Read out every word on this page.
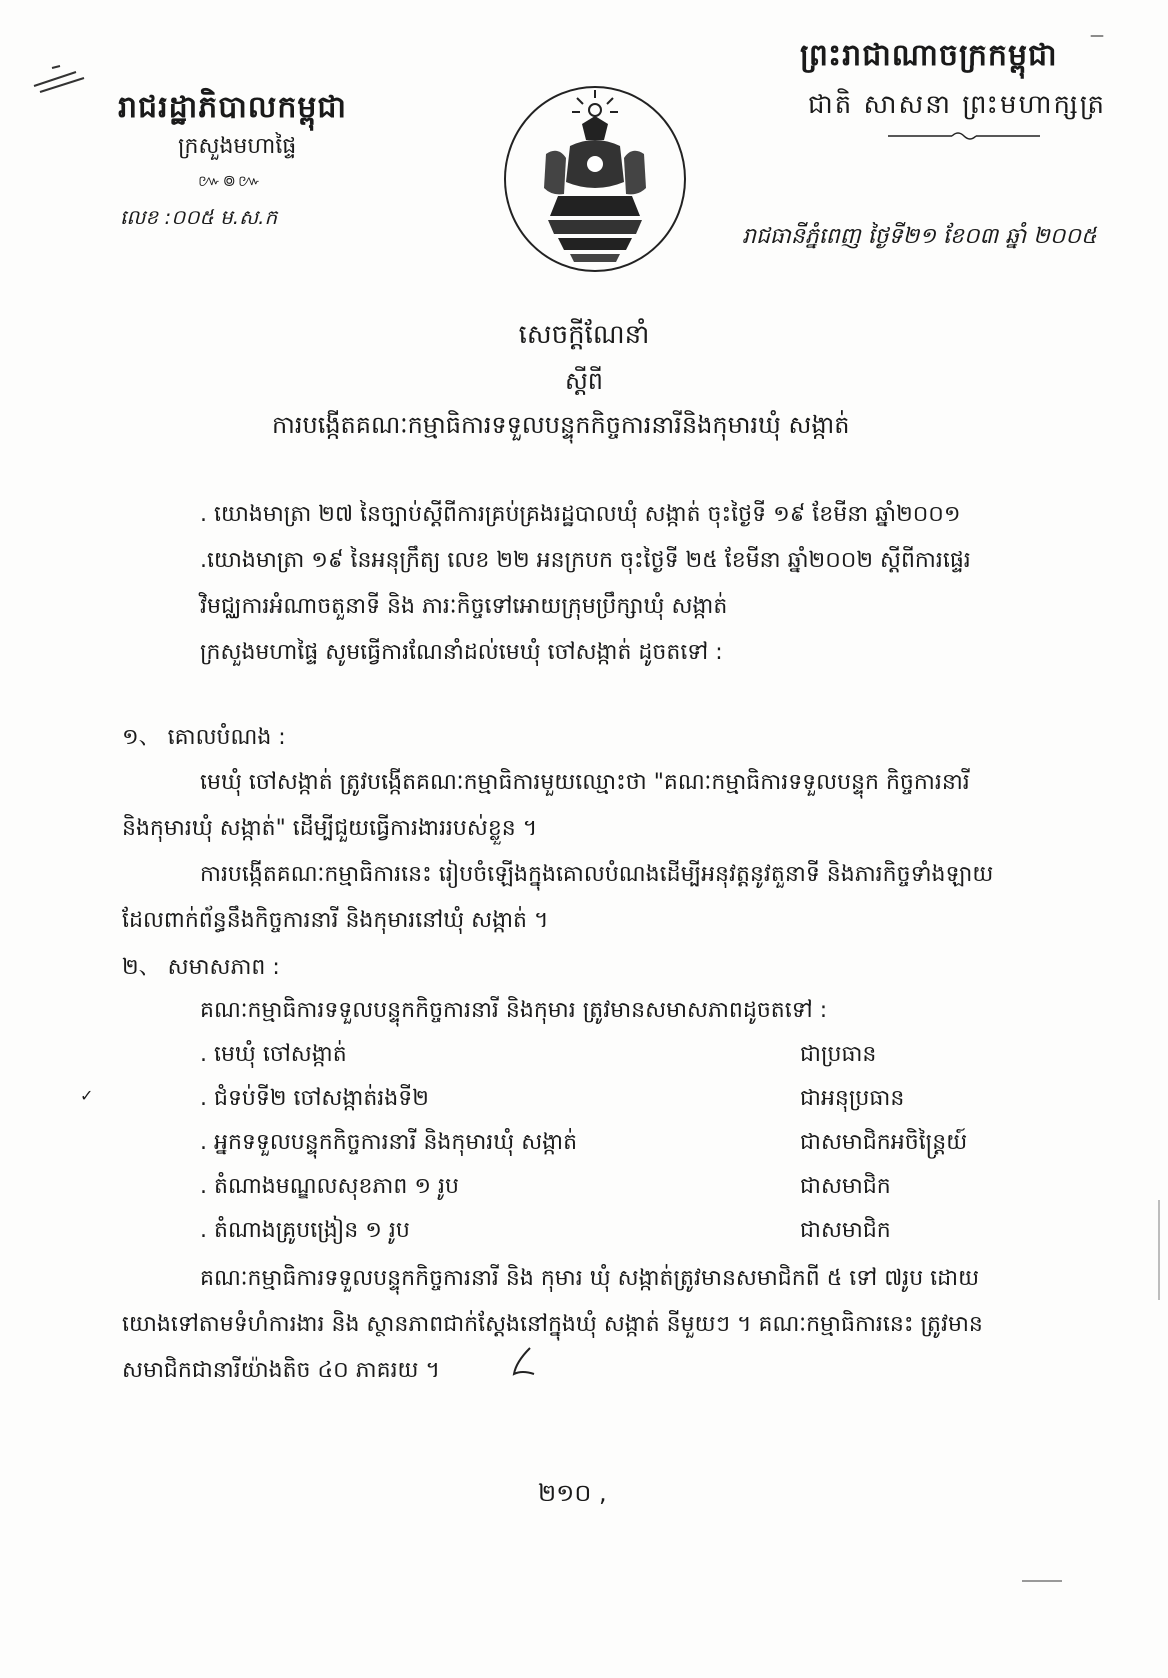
រាជរដ្ឋាភិបាលកម្ពុជា
ក្រសួងមហាផ្ទៃ
៚៙៚
លេខ :០០៥ ម.ស.ក
—
ព្រះរាជាណាចក្រកម្ពុជា
ជាតិ សាសនា ព្រះមហាក្សត្រ
រាជធានីភ្នំពេញ ថ្ងៃទី២១ ខែ០៣ ឆ្នាំ ២០០៥
សេចក្ដីណែនាំ
ស្ដីពី
ការបង្កើតគណៈកម្មាធិការទទួលបន្ទុកកិច្ចការនារីនិងកុមារឃុំ សង្កាត់
. យោងមាត្រា ២៧ នៃច្បាប់ស្ដីពីការគ្រប់គ្រងរដ្ឋបាលឃុំ សង្កាត់ ចុះថ្ងៃទី ១៩ ខែមីនា ឆ្នាំ២០០១
.យោងមាត្រា ១៩ នៃអនុក្រឹត្យ លេខ ២២ អនក្របក ចុះថ្ងៃទី ២៥ ខែមីនា ឆ្នាំ២០០២ ស្ដីពីការផ្ទេរ
វិមជ្ឈការអំណាចតួនាទី និង ភារៈកិច្ចទៅអោយក្រុមប្រឹក្សាឃុំ សង្កាត់
ក្រសួងមហាផ្ទៃ សូមធ្វើការណែនាំដល់មេឃុំ ចៅសង្កាត់ ដូចតទៅ :
១、 គោលបំណង :
មេឃុំ ចៅសង្កាត់ ត្រូវបង្កើតគណៈកម្មាធិការមួយឈ្មោះថា "គណៈកម្មាធិការទទួលបន្ទុក កិច្ចការនារី
និងកុមារឃុំ សង្កាត់" ដើម្បីជួយធ្វើការងាររបស់ខ្លួន ។
ការបង្កើតគណៈកម្មាធិការនេះ រៀបចំឡើងក្នុងគោលបំណងដើម្បីអនុវត្តនូវតួនាទី និងភារកិច្ចទាំងឡាយ
ដែលពាក់ព័ន្ធនឹងកិច្ចការនារី និងកុមារនៅឃុំ សង្កាត់ ។
២、 សមាសភាព :
គណៈកម្មាធិការទទួលបន្ទុកកិច្ចការនារី និងកុមារ ត្រូវមានសមាសភាពដូចតទៅ :
. មេឃុំ ចៅសង្កាត់	ជាប្រធាន
. ជំទប់ទី២ ចៅសង្កាត់រងទី២	ជាអនុប្រធាន
. អ្នកទទួលបន្ទុកកិច្ចការនារី និងកុមារឃុំ សង្កាត់	ជាសមាជិកអចិន្ត្រៃយ៍
. តំណាងមណ្ឌលសុខភាព ១ រូប	ជាសមាជិក
. តំណាងគ្រូបង្រៀន ១ រូប	ជាសមាជិក
គណៈកម្មាធិការទទួលបន្ទុកកិច្ចការនារី និង កុមារ ឃុំ សង្កាត់ត្រូវមានសមាជិកពី ៥ ទៅ ៧រូប ដោយ
យោងទៅតាមទំហំការងារ និង ស្ថានភាពជាក់ស្ដែងនៅក្នុងឃុំ សង្កាត់ នីមួយៗ ។ គណៈកម្មាធិការនេះ ត្រូវមាន
សមាជិកជានារីយ៉ាងតិច ៤០ ភាគរយ ។
២១០ ,
✓
